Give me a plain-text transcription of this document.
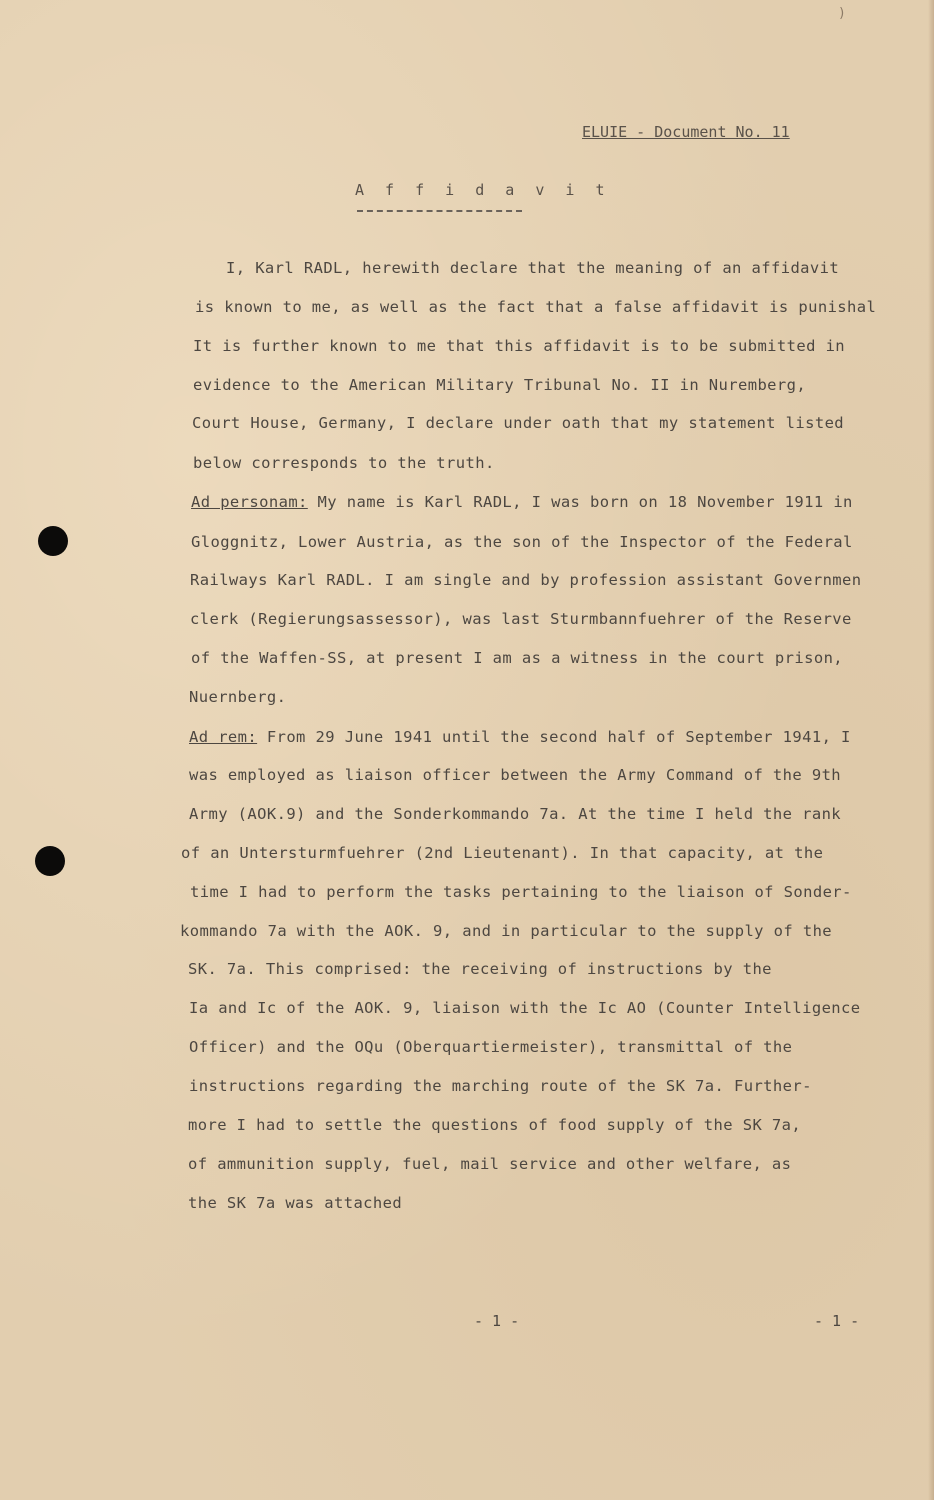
)
ELUIE - Document No. 11
A f f i d a v i t
I, Karl RADL, herewith declare that the meaning of an affidavit
is known to me, as well as the fact that a false affidavit is punishal
It is further known to me that this affidavit is to be submitted in
evidence to the American Military Tribunal No. II in Nuremberg,
Court House, Germany, I declare under oath that my statement listed
below corresponds to the truth.
Ad personam: My name is Karl RADL, I was born on 18 November 1911 in
Gloggnitz, Lower Austria, as the son of the Inspector of the Federal
Railways Karl RADL. I am single and by profession assistant Governmen
clerk (Regierungsassessor), was last Sturmbannfuehrer of the Reserve
of the Waffen-SS, at present I am as a witness in the court prison,
Nuernberg.
Ad rem: From 29 June 1941 until the second half of September 1941, I
was employed as liaison officer between the Army Command of the 9th
Army (AOK.9) and the Sonderkommando 7a. At the time I held the rank
of an Untersturmfuehrer (2nd Lieutenant). In that capacity, at the
time I had to perform the tasks pertaining to the liaison of Sonder-
kommando 7a with the AOK. 9, and in particular to the supply of the
SK. 7a. This comprised: the receiving of instructions by the
Ia and Ic of the AOK. 9, liaison with the Ic AO (Counter Intelligence
Officer) and the OQu (Oberquartiermeister), transmittal of the
instructions regarding the marching route of the SK 7a. Further-
more I had to settle the questions of food supply of the SK 7a,
of ammunition supply, fuel, mail service and other welfare, as
the SK 7a was attached
- 1 -	- 1 -
